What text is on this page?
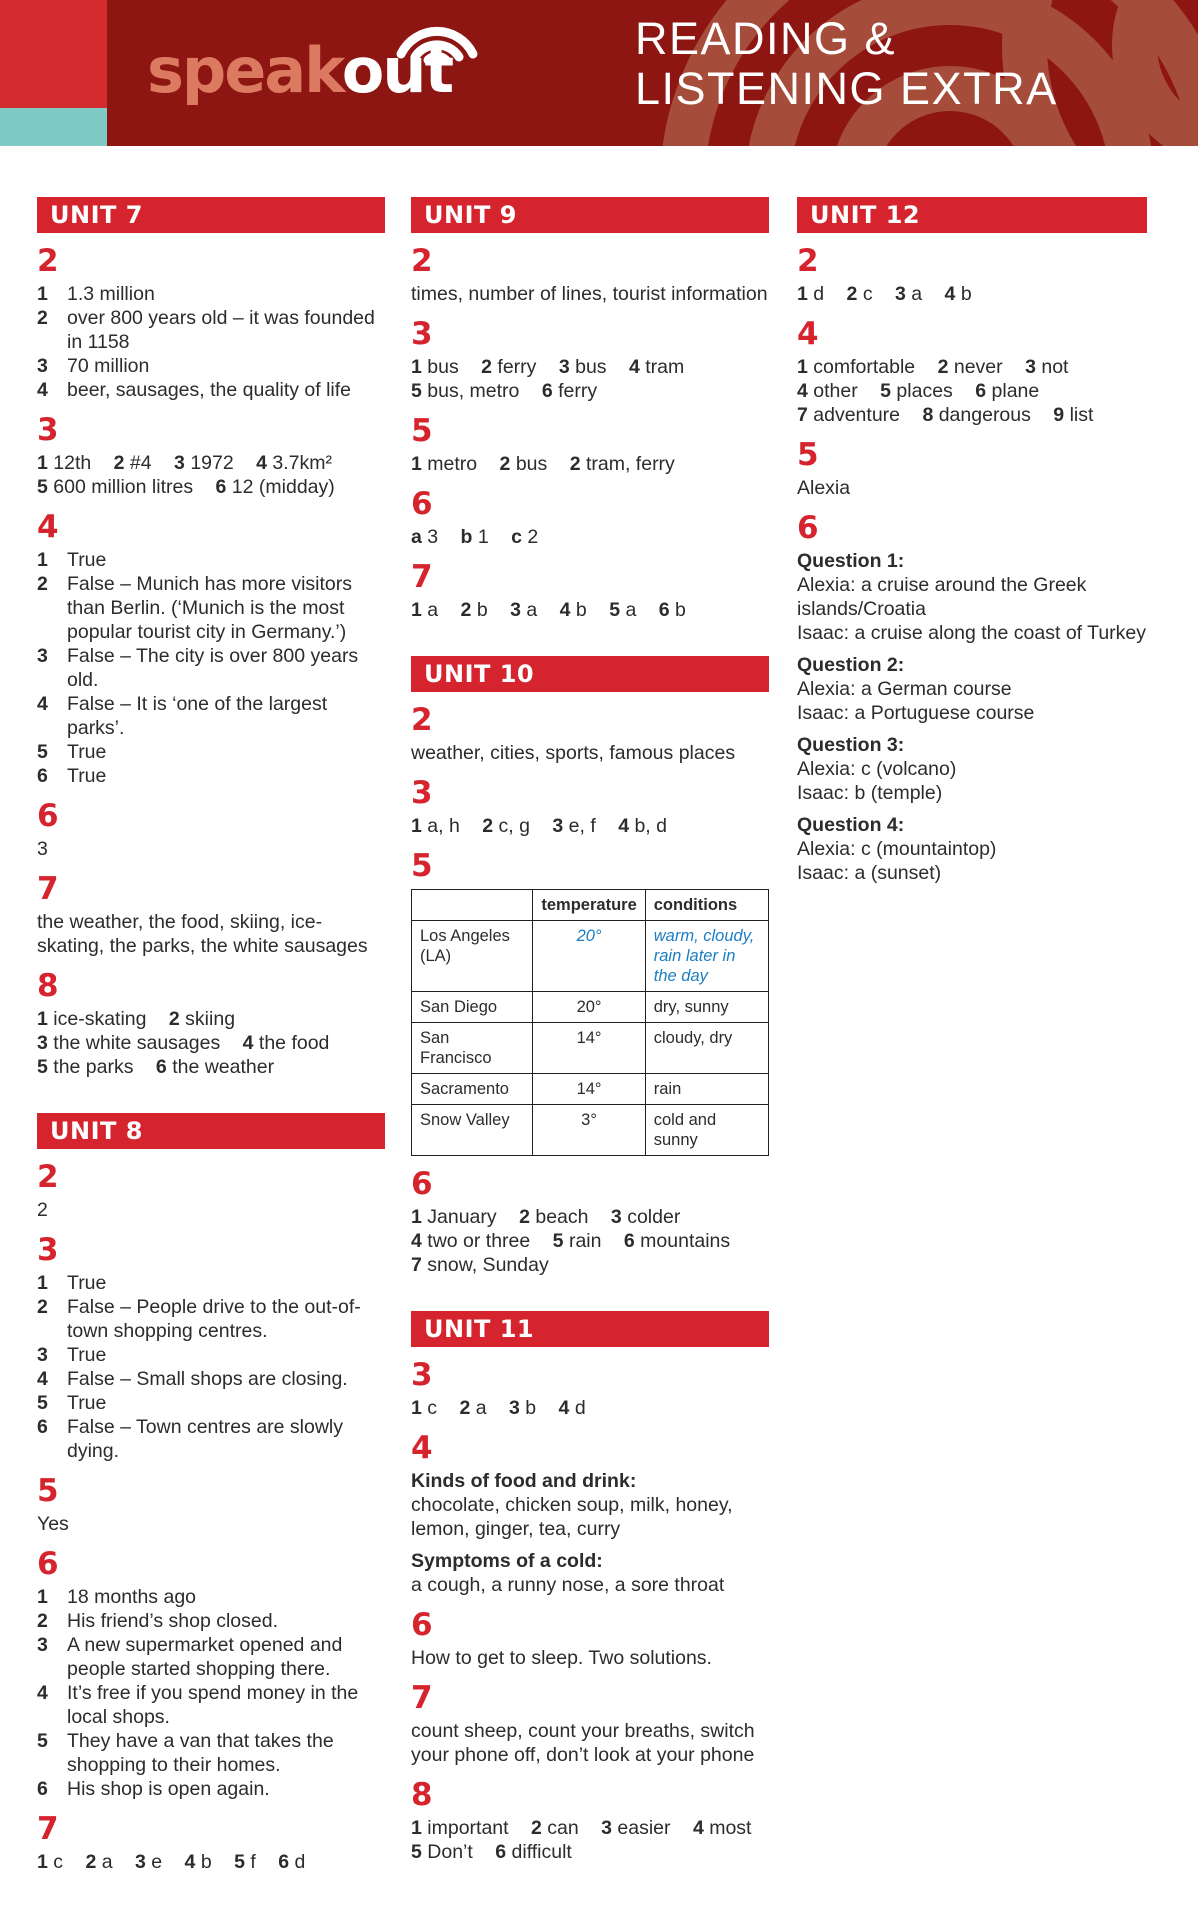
speakout	READING &
LISTENING EXTRA
UNIT 7
2
1 1.3 million
2 over 800 years old – it was founded in 1158
3 70 million
4 beer, sausages, the quality of life
3

1 12th 2 #4 3 1972 4 3.7km² 5 600 million litres 6 12 (midday)

4
1 True
2 False – Munich has more visitors than Berlin. (‘Munich is the most popular tourist city in Germany.’)
3 False – The city is over 800 years old.
4 False – It is ‘one of the largest parks’.
5 True
6 True
6

3

7

the weather, the food, skiing, ice-skating, the parks, the white sausages

8

1 ice-skating 2 skiing 3 the white sausages 4 the food 5 the parks 6 the weather

UNIT 8
2

2

3
1 True
2 False – People drive to the out-of-town shopping centres.
3 True
4 False – Small shops are closing.
5 True
6 False – Town centres are slowly dying.
5

Yes

6
1 18 months ago
2 His friend’s shop closed.
3 A new supermarket opened and people started shopping there.
4 It’s free if you spend money in the local shops.
5 They have a van that takes the shopping to their homes.
6 His shop is open again.
7

1 c 2 a 3 e 4 b 5 f 6 d

UNIT 9
2

times, number of lines, tourist information

3

1 bus 2 ferry 3 bus 4 tram 5 bus, metro 6 ferry

5

1 metro 2 bus 2 tram, ferry

6

a 3 b 1 c 2

7

1 a 2 b 3 a 4 b 5 a 6 b

UNIT 10
2

weather, cities, sports, famous places

3

1 a, h 2 c, g 3 e, f 4 b, d

5
	temperature	conditions
Los Angeles (LA)	20°	warm, cloudy, rain later in the day
San Diego	20°	dry, sunny
San Francisco	14°	cloudy, dry
Sacramento	14°	rain
Snow Valley	3°	cold and sunny
6

1 January 2 beach 3 colder 4 two or three 5 rain 6 mountains 7 snow, Sunday

UNIT 11
3

1 c 2 a 3 b 4 d

4

Kinds of food and drink:

chocolate, chicken soup, milk, honey, lemon, ginger, tea, curry

Symptoms of a cold:

a cough, a runny nose, a sore throat
6

How to get to sleep. Two solutions.

7

count sheep, count your breaths, switch your phone off, don’t look at your phone

8

1 important 2 can 3 easier 4 most 5 Don’t 6 difficult

UNIT 12
2

1 d 2 c 3 a 4 b

4

1 comfortable 2 never 3 not 4 other 5 places 6 plane 7 adventure 8 dangerous 9 list

5

Alexia

6

Question 1:

Alexia: a cruise around the Greek islands/Croatia
Isaac: a cruise along the coast of Turkey

Question 2:

Alexia: a German course
Isaac: a Portuguese course

Question 3:

Alexia: c (volcano)
Isaac: b (temple)

Question 4:

Alexia: c (mountaintop)
Isaac: a (sunset)
